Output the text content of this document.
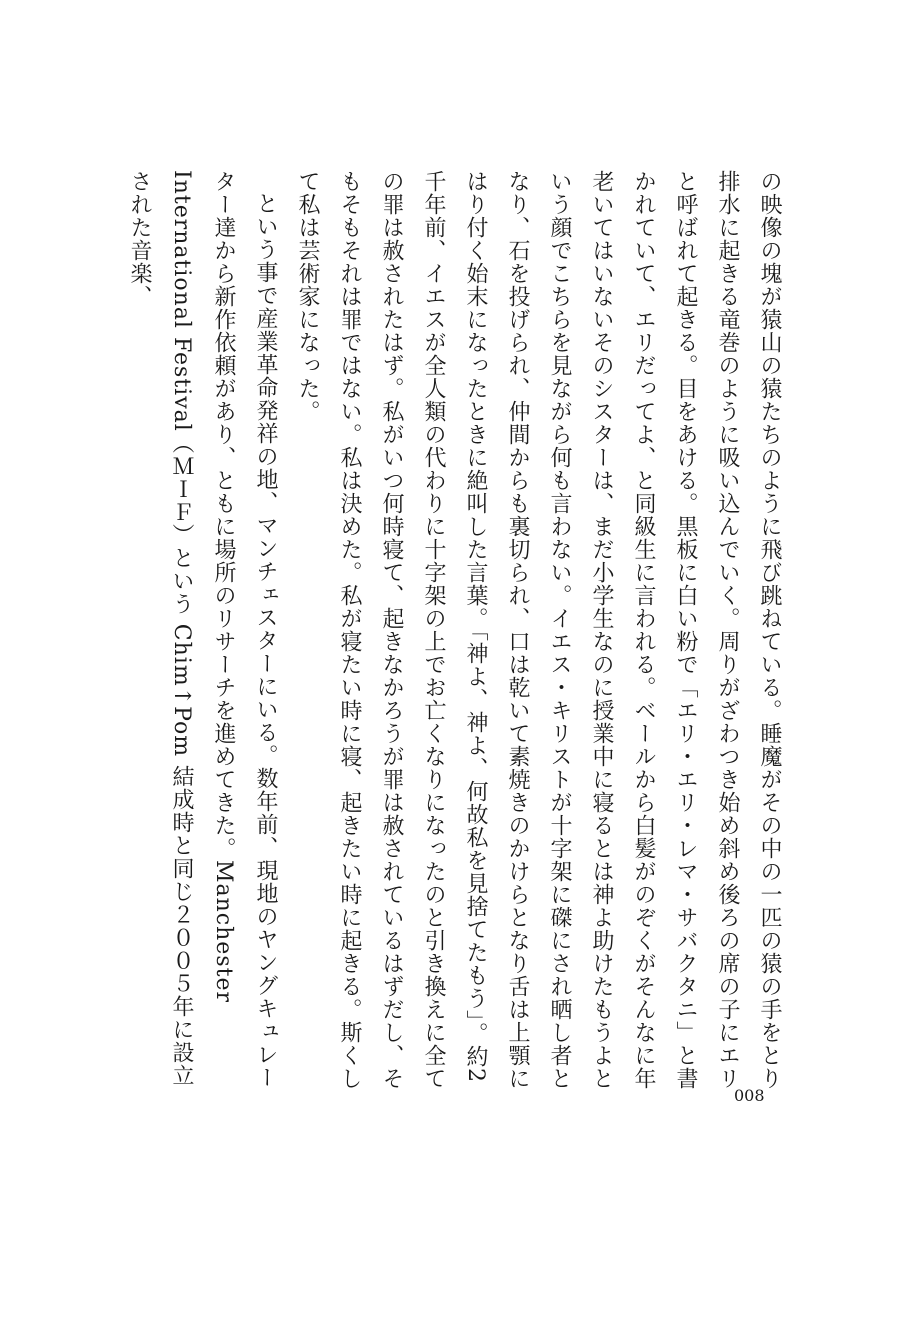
の映像の塊が猿山の猿たちのように飛び跳ねている。睡魔がその中の一匹の猿の手をとり排水に起きる竜巻のように吸い込んでいく。周りがざわつき始め斜め後ろの席の子にエリと呼ばれて起きる。目をあける。黒板に白い粉で「エリ・エリ・レマ・サバクタニ」と書かれていて、エリだってよ、と同級生に言われる。ベールから白髪がのぞくがそんなに年老いてはいないそのシスターは、まだ小学生なのに授業中に寝るとは神よ助けたもうよという顔でこちらを見ながら何も言わない。イエス・キリストが十字架に磔にされ晒し者となり、石を投げられ、仲間からも裏切られ、口は乾いて素焼きのかけらとなり舌は上顎にはり付く始末になったときに絶叫した言葉。「神よ、神よ、何故私を見捨てたもう」。約2千年前、イエスが全人類の代わりに十字架の上でお亡くなりになったのと引き換えに全ての罪は赦されたはず。私がいつ何時寝て、起きなかろうが罪は赦されているはずだし、そもそもそれは罪ではない。私は決めた。私が寝たい時に寝、起きたい時に起きる。斯くして私は芸術家になった。

という事で産業革命発祥の地、マンチェスターにいる。数年前、現地のヤングキュレーター達から新作依頼があり、ともに場所のリサーチを進めてきた。Manchester International Festival（ＭＩＦ）という Chim↑Pom 結成時と同じ２００５年に設立された音楽、

008
